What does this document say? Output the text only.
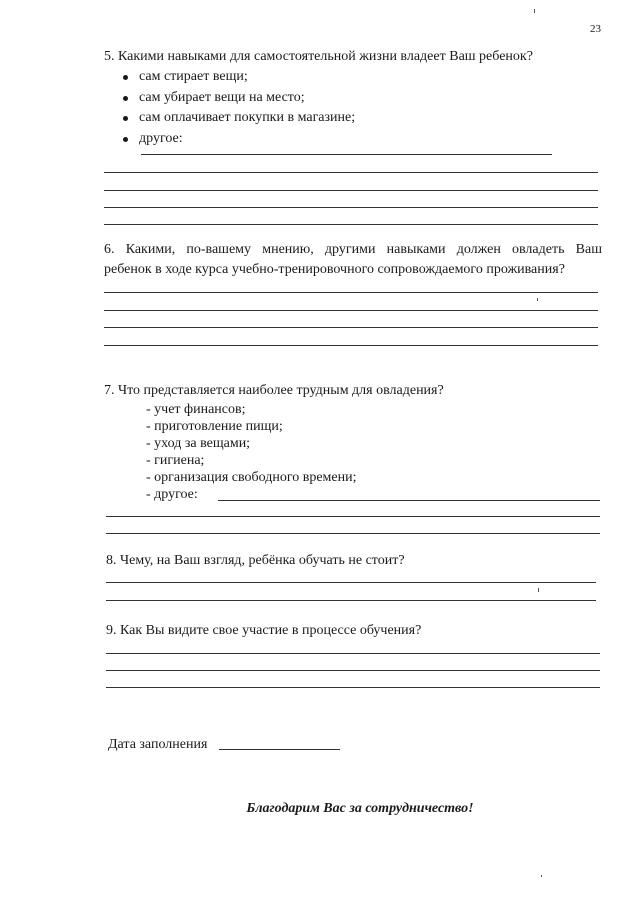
23
5. Какими навыками для самостоятельной жизни владеет Ваш ребенок?
сам стирает вещи;
сам убирает вещи на место;
сам оплачивает покупки в магазине;
другое:
6. Какими, по-вашему мнению, другими навыками должен овладеть Ваш
ребенок в ходе курса учебно-тренировочного сопровождаемого проживания?
7. Что представляется наиболее трудным для овладения?
- учет финансов;
- приготовление пищи;
- уход за вещами;
- гигиена;
- организация свободного времени;
- другое:
8. Чему, на Ваш взгляд, ребёнка обучать не стоит?
9. Как Вы видите свое участие в процессе обучения?
Дата заполнения
Благодарим Вас за сотрудничество!
